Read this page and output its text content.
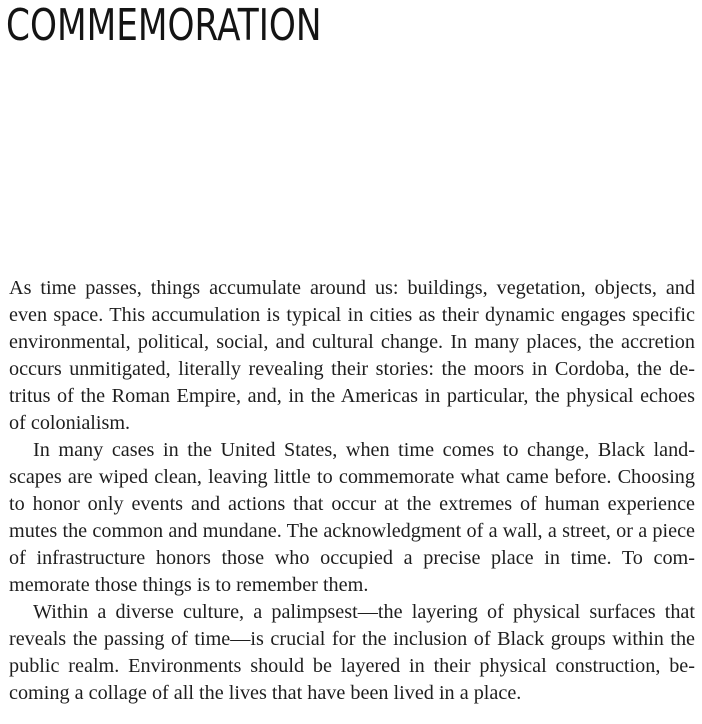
COMMEMORATION

As time passes, things accumulate around us: buildings, vegetation, objects, and even space. This accumulation is typical in cities as their dynamic engages specific environmental, political, social, and cultural change. In many places, the accretion occurs unmitigated, literally revealing their stories: the moors in Cordoba, the detritus of the Roman Empire, and, in the Americas in particular, the physical echoes of colonialism.

In many cases in the United States, when time comes to change, Black landscapes are wiped clean, leaving little to commemorate what came before. Choosing to honor only events and actions that occur at the extremes of human experience mutes the common and mundane. The acknowledgment of a wall, a street, or a piece of infrastructure honors those who occupied a precise place in time. To commemorate those things is to remember them.

Within a diverse culture, a palimpsest—the layering of physical surfaces that reveals the passing of time—is crucial for the inclusion of Black groups within the public realm. Environments should be layered in their physical construction, becoming a collage of all the lives that have been lived in a place.
